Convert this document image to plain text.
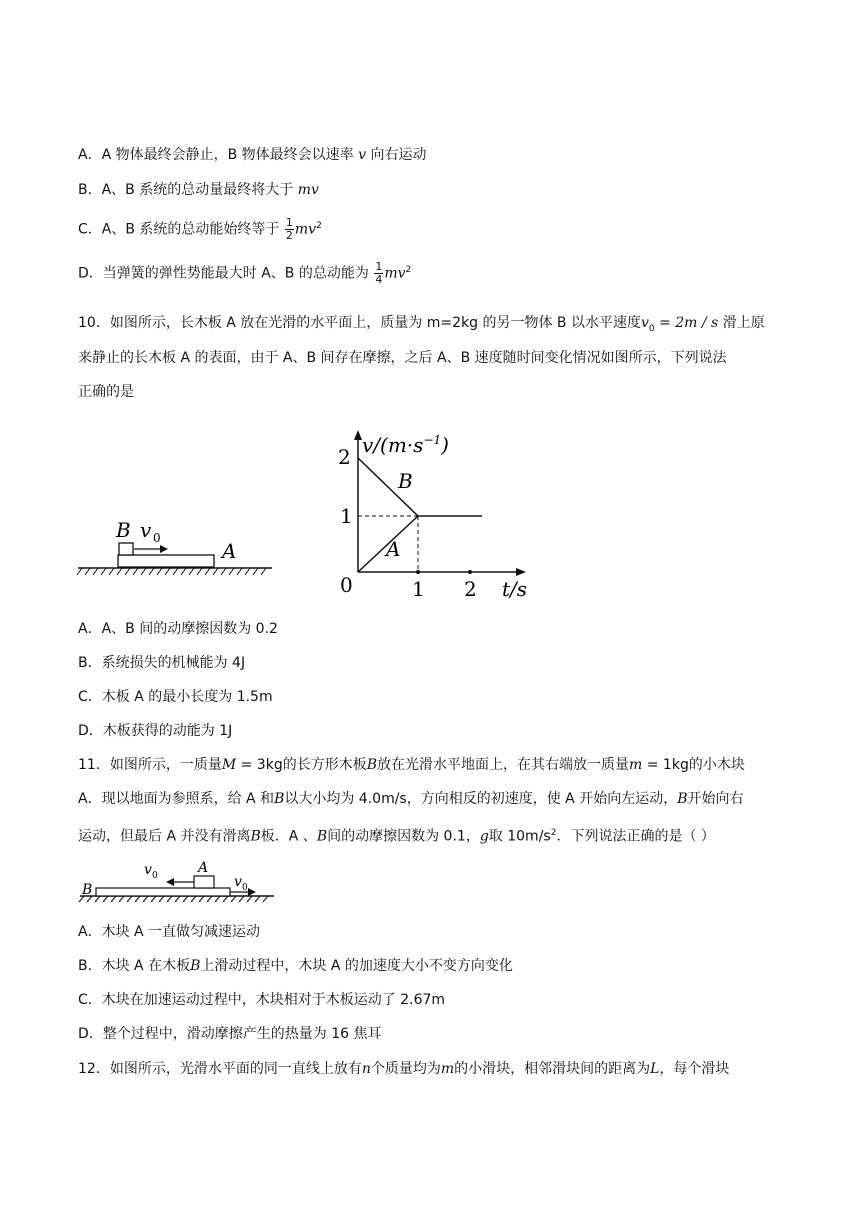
A．A 物体最终会静止，B 物体最终会以速率 v 向右运动
B．A、B 系统的总动量最终将大于 mv
C．A、B 系统的总动能始终等于 $\frac{1}{2} mv^2$
D．当弹簧的弹性势能最大时 A、B 的总动能为 $\frac{1}{4} mv^2$
10．如图所示，长木板 A 放在光滑的水平面上，质量为 m=2kg 的另一物体 B 以水平速度$v_0 = 2m / s$ 滑上原
来静止的长木板 A 的表面，由于 A、B 间存在摩擦，之后 A、B 速度随时间变化情况如图所示，下列说法
正确的是
B v 0
A
$v/(m\cdot s^{-1})$
2
1
0	1 2 t/s
B
A
A．A、B 间的动摩擦因数为 0.2
B．系统损失的机械能为 4J
C．木板 A 的最小长度为 1.5m
D．木板获得的动能为 1J
11．如图所示，一质量M = 3kg的长方形木板B放在光滑水平地面上，在其右端放一质量m = 1kg的小木块
A．现以地面为参照系，给 A 和B以大小均为 4.0m/s，方向相反的初速度，使 A 开始向左运动，B开始向右
运动，但最后 A 并没有滑离B板．A 、B间的动摩擦因数为 0.1，g取 $10m/s^2$．下列说法正确的是（ ）
v 0	A
B	v 0
A．木块 A 一直做匀减速运动
B．木块 A 在木板B上滑动过程中，木块 A 的加速度大小不变方向变化
C．木块在加速运动过程中，木块相对于木板运动了 2.67m
D．整个过程中，滑动摩擦产生的热量为 16 焦耳
12．如图所示，光滑水平面的同一直线上放有n个质量均为m的小滑块，相邻滑块间的距离为L，每个滑块
